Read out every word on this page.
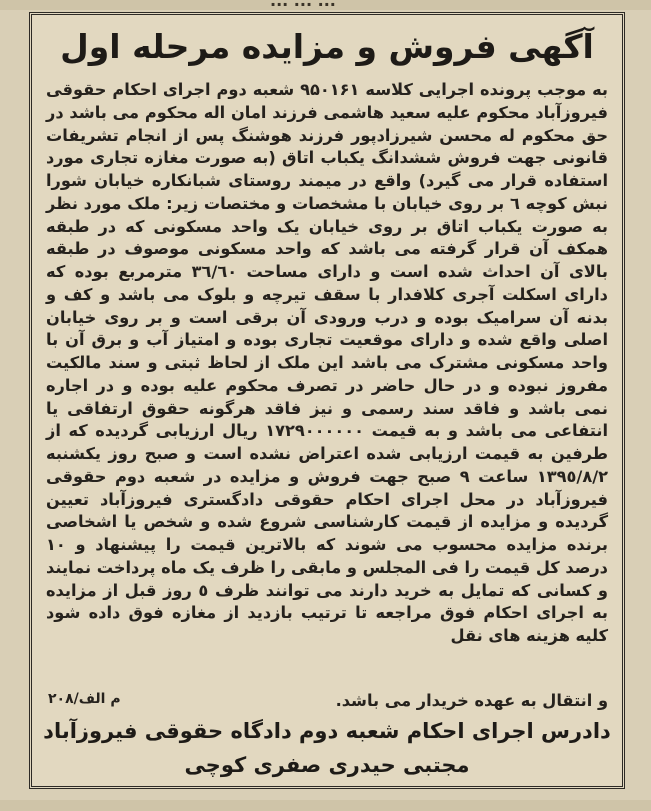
... ... ...
آگهی فروش و مزایده مرحله اول
به موجب پرونده اجرایی کلاسه ۹۵۰۱۶۱ شعبه دوم اجرای احکام حقوقی فیروزآباد محکوم علیه سعید هاشمی فرزند امان اله محکوم می باشد در حق محکوم له محسن شیرزادپور فرزند هوشنگ پس از انجام تشریفات قانونی جهت فروش ششدانگ یکباب اتاق (به صورت مغازه تجاری مورد استفاده قرار می گیرد) واقع در میمند روستای شبانکاره خیابان شورا نبش کوچه ٦ بر روی خیابان با مشخصات و مختصات زیر: ملک مورد نظر به صورت یکباب اتاق بر روی خیابان یک واحد مسکونی که در طبقه همکف آن قرار گرفته می باشد که واحد مسکونی موصوف در طبقه بالای آن احداث شده است و دارای مساحت ٣٦/٦٠ مترمربع بوده که دارای اسکلت آجری کلافدار با سقف تیرچه و بلوک می باشد و کف و بدنه آن سرامیک بوده و درب ورودی آن برقی است و بر روی خیابان اصلی واقع شده و دارای موقعیت تجاری بوده و امتیاز آب و برق آن با واحد مسکونی مشترک می باشد این ملک از لحاظ ثبتی و سند مالکیت مفروز نبوده و در حال حاضر در تصرف محکوم علیه بوده و در اجاره نمی باشد و فاقد سند رسمی و نیز فاقد هرگونه حقوق ارتفاقی یا انتفاعی می باشد و به قیمت ١٧٢٩٠٠٠٠٠٠ ریال ارزیابی گردیده که از طرفین به قیمت ارزیابی شده اعتراض نشده است و صبح روز یکشنبه ١٣٩٥/٨/٢ ساعت ٩ صبح جهت فروش و مزایده در شعبه دوم حقوقی فیروزآباد در محل اجرای احکام حقوقی دادگستری فیروزآباد تعیین گردیده و مزایده از قیمت کارشناسی شروع شده و شخص یا اشخاصی برنده مزایده محسوب می شوند که بالاترین قیمت را پیشنهاد و ١٠ درصد کل قیمت را فی المجلس و مابقی را ظرف یک ماه پرداخت نمایند و کسانی که تمایل به خرید دارند می توانند ظرف ٥ روز قبل از مزایده به اجرای احکام فوق مراجعه تا ترتیب بازدید از مغازه فوق داده شود کلیه هزینه های نقل
و انتقال به عهده خریدار می باشد.
۲۰۸/م الف
دادرس اجرای احکام شعبه دوم دادگاه حقوقی فیروزآباد
مجتبی حیدری صفری کوچی
